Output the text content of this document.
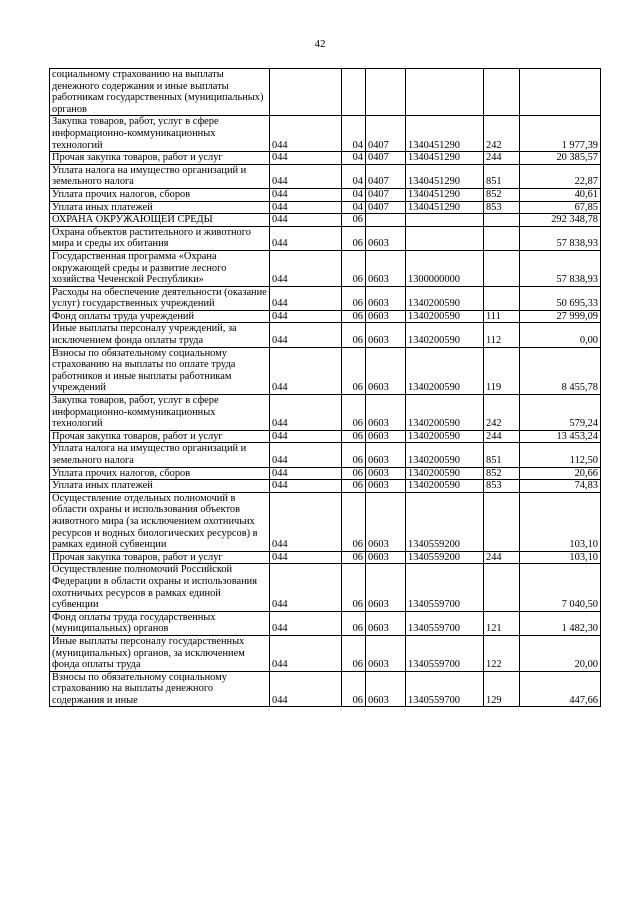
42
социальному страхованию на выплаты денежного содержания и иные выплаты работникам государственных (муниципальных) органов						
Закупка товаров, работ, услуг в сфере информационно-коммуникационных технологий	044	04	0407	1340451290	242	1 977,39
Прочая закупка товаров, работ и услуг	044	04	0407	1340451290	244	20 385,57
Уплата налога на имущество организаций и земельного налога	044	04	0407	1340451290	851	22,87
Уплата прочих налогов, сборов	044	04	0407	1340451290	852	40,61
Уплата иных платежей	044	04	0407	1340451290	853	67,85
ОХРАНА ОКРУЖАЮЩЕЙ СРЕДЫ	044	06				292 348,78
Охрана объектов растительного и животного мира и среды их обитания	044	06	0603			57 838,93
Государственная программа «Охрана окружающей среды и развитие лесного хозяйства Чеченской Республики»	044	06	0603	1300000000		57 838,93
Расходы на обеспечение деятельности (оказание услуг) государственных учреждений	044	06	0603	1340200590		50 695,33
Фонд оплаты труда учреждений	044	06	0603	1340200590	111	27 999,09
Иные выплаты персоналу учреждений, за исключением фонда оплаты труда	044	06	0603	1340200590	112	0,00
Взносы по обязательному социальному страхованию на выплаты по оплате труда работников и иные выплаты работникам учреждений	044	06	0603	1340200590	119	8 455,78
Закупка товаров, работ, услуг в сфере информационно-коммуникационных технологий	044	06	0603	1340200590	242	579,24
Прочая закупка товаров, работ и услуг	044	06	0603	1340200590	244	13 453,24
Уплата налога на имущество организаций и земельного налога	044	06	0603	1340200590	851	112,50
Уплата прочих налогов, сборов	044	06	0603	1340200590	852	20,66
Уплата иных платежей	044	06	0603	1340200590	853	74,83
Осуществление отдельных полномочий в области охраны и использования объектов животного мира (за исключением охотничьих ресурсов и водных биологических ресурсов) в рамках единой субвенции	044	06	0603	1340559200		103,10
Прочая закупка товаров, работ и услуг	044	06	0603	1340559200	244	103,10
Осуществление полномочий Российской Федерации в области охраны и использования охотничьих ресурсов в рамках единой субвенции	044	06	0603	1340559700		7 040,50
Фонд оплаты труда государственных (муниципальных) органов	044	06	0603	1340559700	121	1 482,30
Иные выплаты персоналу государственных (муниципальных) органов, за исключением фонда оплаты труда	044	06	0603	1340559700	122	20,00
Взносы по обязательному социальному страхованию на выплаты денежного содержания и иные	044	06	0603	1340559700	129	447,66
